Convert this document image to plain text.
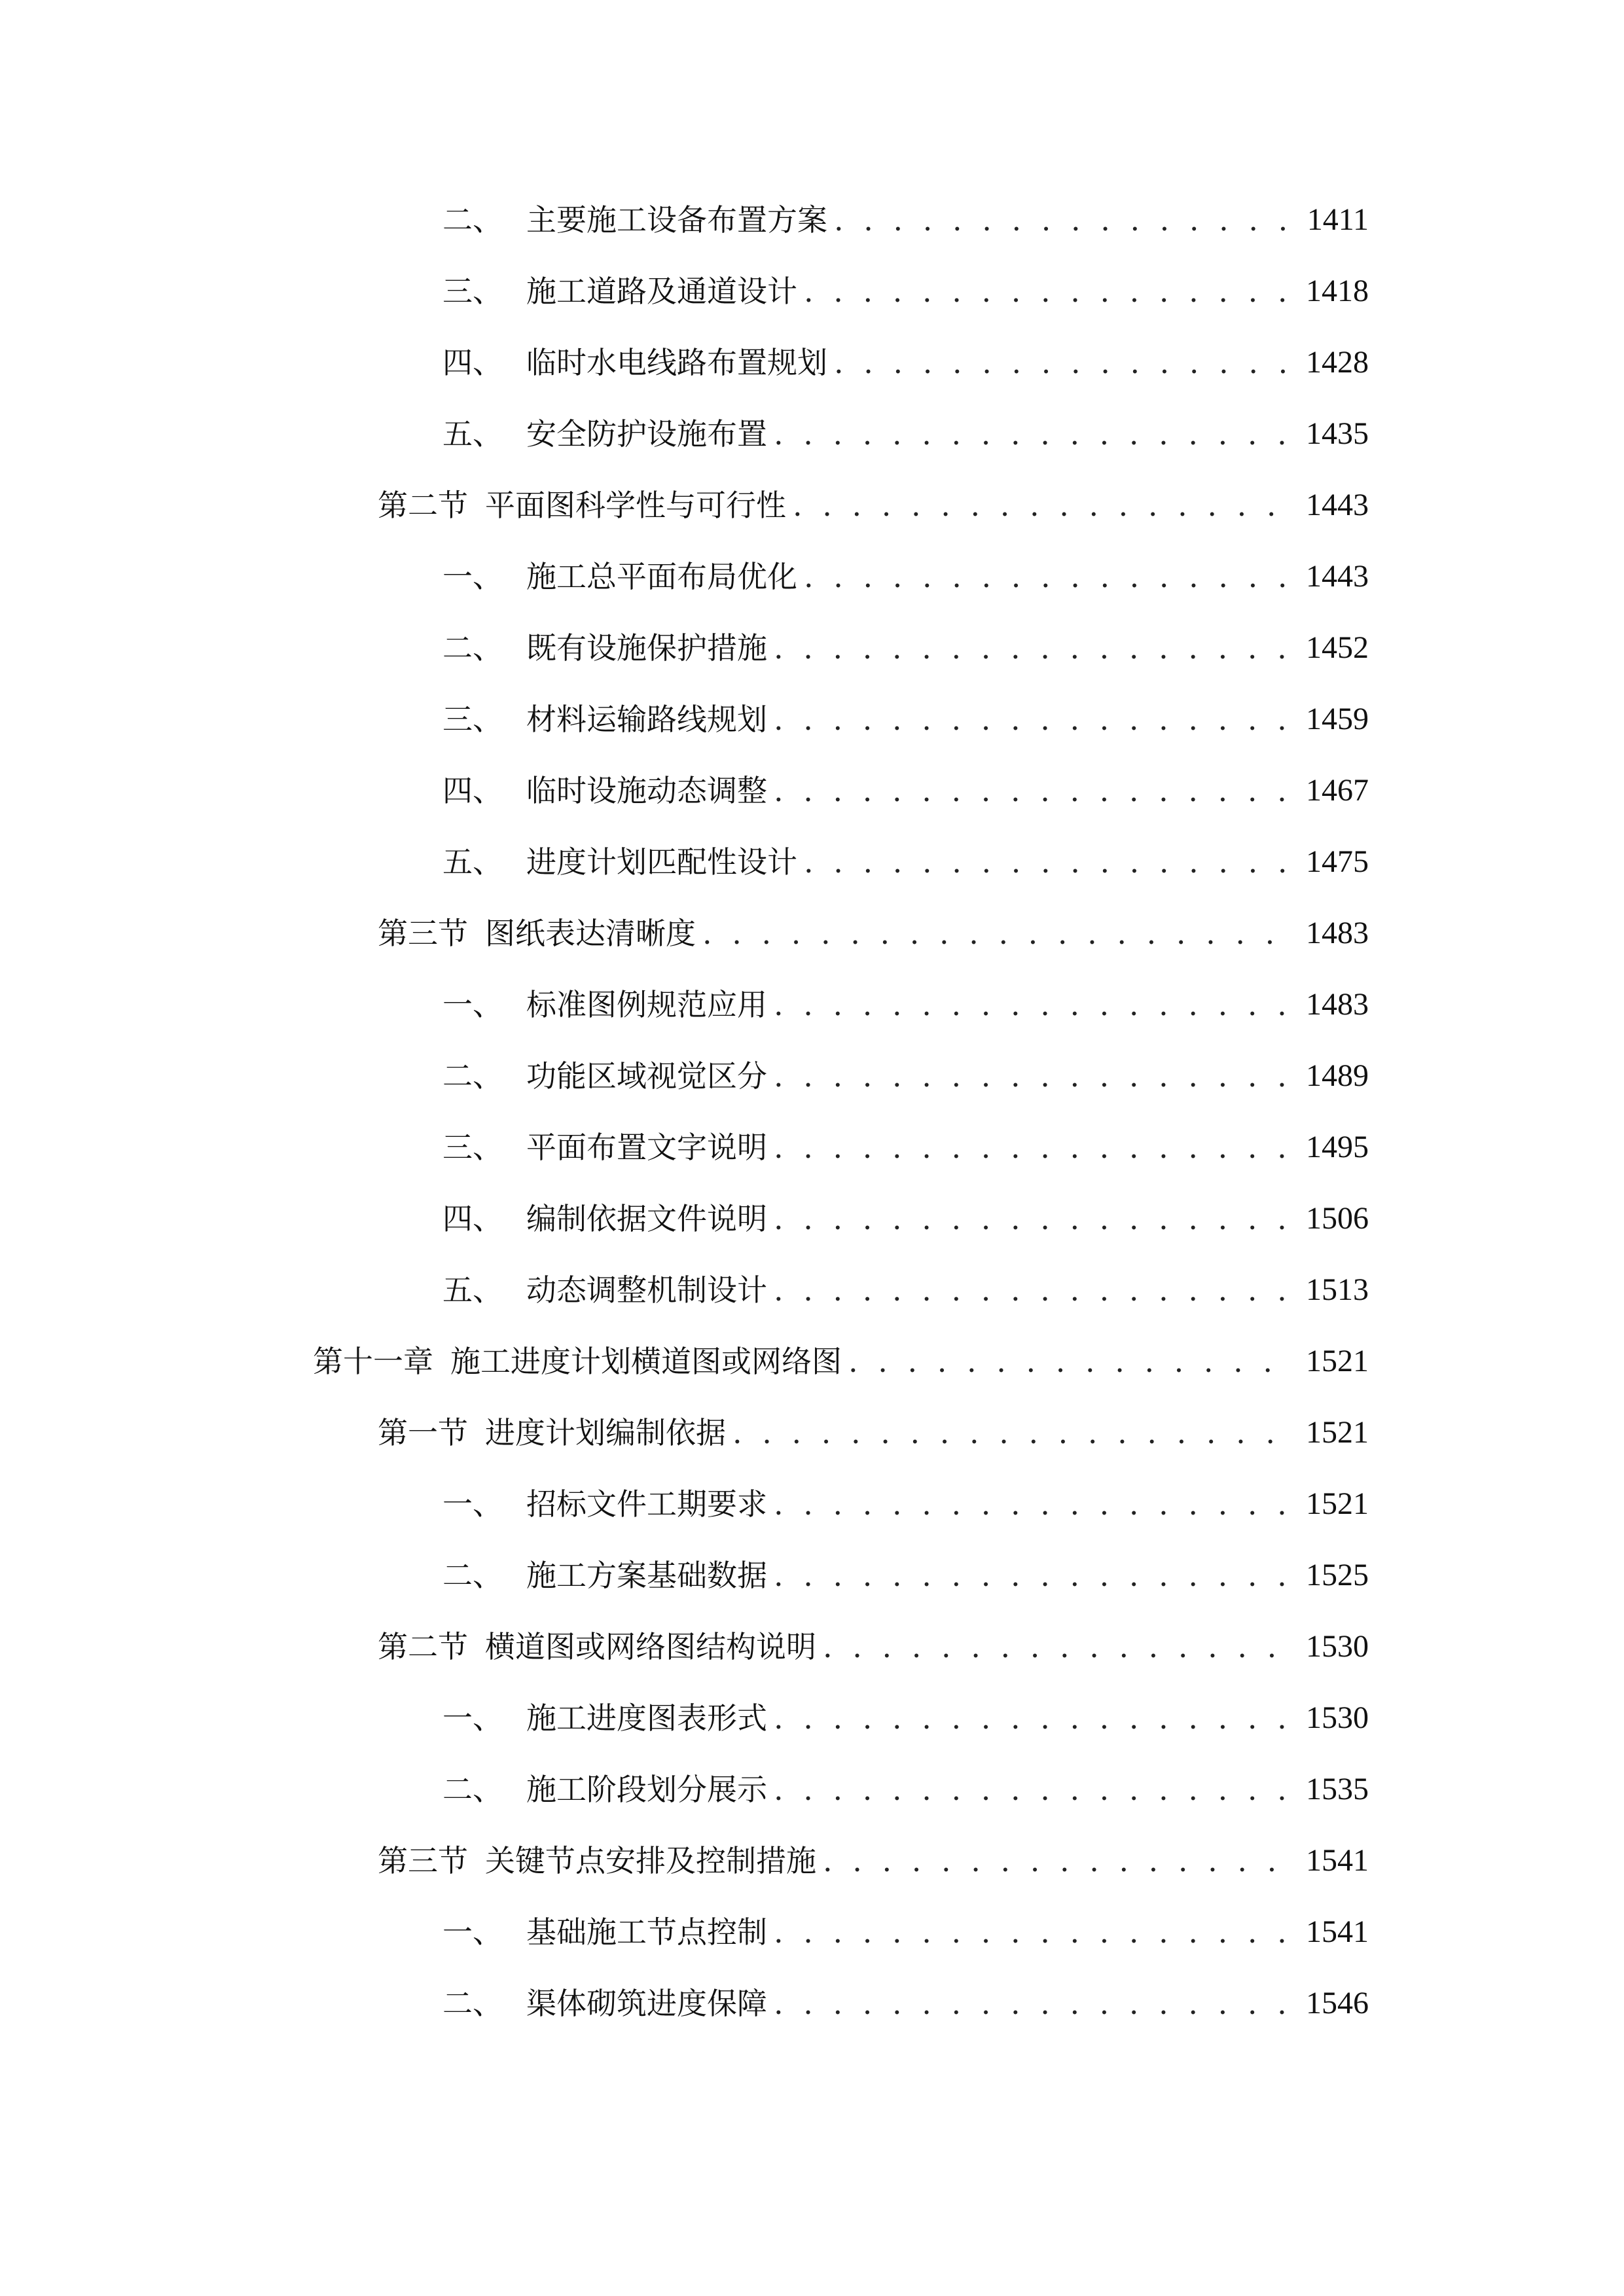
二、 主要施工设备布置方案 . . .	1411
三、 施工道路及通道设计 . . .	1418
四、 临时水电线路布置规划 . . .	1428
五、 安全防护设施布置 . . .	1435
第二节 平面图科学性与可行性 . . .	1443
一、 施工总平面布局优化 . . .	1443
二、 既有设施保护措施 . . .	1452
三、 材料运输路线规划 . . .	1459
四、 临时设施动态调整 . . .	1467
五、 进度计划匹配性设计 . . .	1475
第三节 图纸表达清晰度 . . .	1483
一、 标准图例规范应用 . . .	1483
二、 功能区域视觉区分 . . .	1489
三、 平面布置文字说明 . . .	1495
四、 编制依据文件说明 . . .	1506
五、 动态调整机制设计 . . .	1513
第十一章 施工进度计划横道图或网络图 . . .	1521
第一节 进度计划编制依据 . . .	1521
一、 招标文件工期要求 . . .	1521
二、 施工方案基础数据 . . .	1525
第二节 横道图或网络图结构说明 . . .	1530
一、 施工进度图表形式 . . .	1530
二、 施工阶段划分展示 . . .	1535
第三节 关键节点安排及控制措施 . . .	1541
一、 基础施工节点控制 . . .	1541
二、 渠体砌筑进度保障 . . .	1546
